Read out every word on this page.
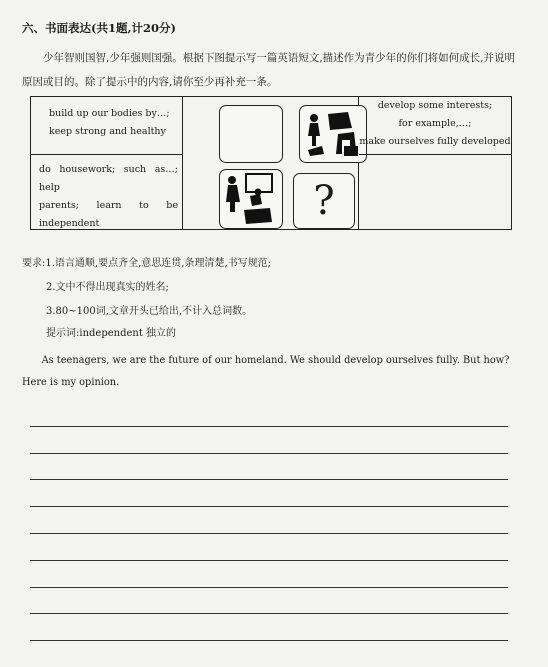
六、书面表达(共1题,计20分)
少年智则国智,少年强则国强。根据下图提示写一篇英语短文,描述作为青少年的你们将如何成长,并说明原因或目的。除了提示中的内容,请你至少再补充一条。
build up our bodies by…;
keep strong and healthy
do housework; such as…; help
parents; learn to be
independent	?
develop some interests;
for example,…;
make ourselves fully developed
要求:1.语言通顺,要点齐全,意思连贯,条理清楚,书写规范;
2.文中不得出现真实的姓名;
3.80~100词,文章开头已给出,不计入总词数。
提示词:independent 独立的
As teenagers, we are the future of our homeland. We should develop ourselves fully. But how? Here is my opinion.
